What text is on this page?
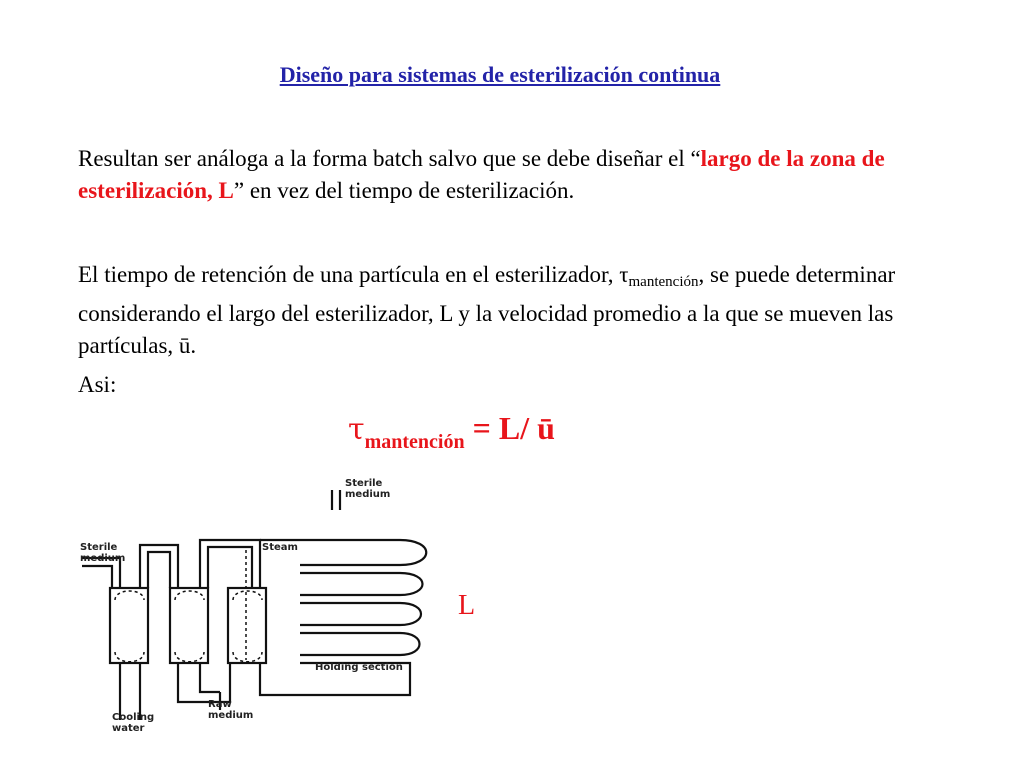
Diseño para sistemas de esterilización continua
Resultan ser análoga a la forma batch salvo que se debe diseñar el “largo de la zona de esterilización, L” en vez del tiempo de esterilización.
El tiempo de retención de una partícula en el esterilizador, $\tau_{mantención}$, se puede determinar considerando el largo del esterilizador, L y la velocidad promedio a la que se mueven las partículas, ū.
Asi:
$\tau_{mantención} = L/$ ū
L
Sterile
medium
Sterile
medium
Steam
Holding section
Raw
medium
Cooling
water
